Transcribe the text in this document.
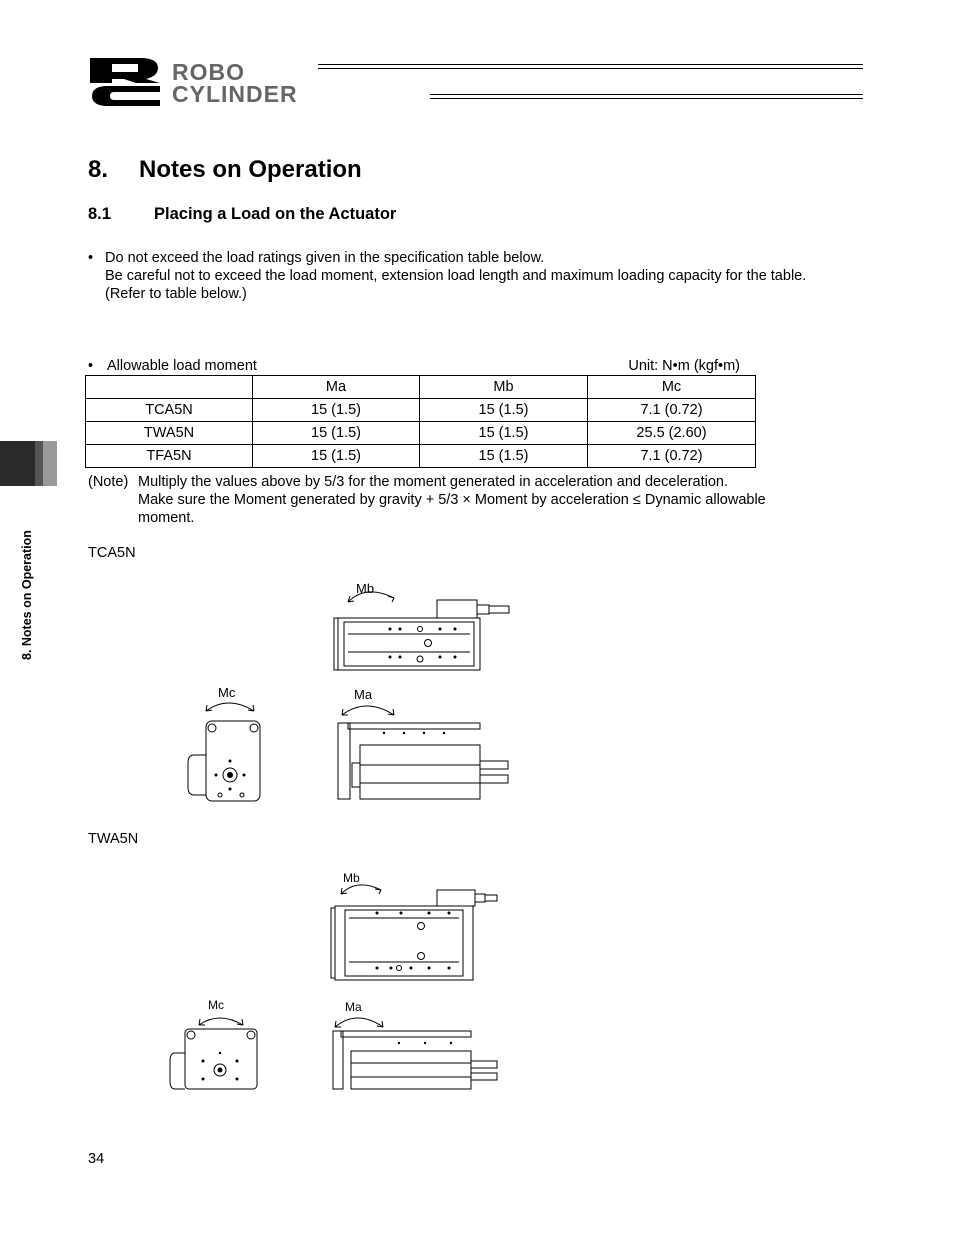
ROBO
CYLINDER
8. Notes on Operation
8.1	Placing a Load on the Actuator
• Do not exceed the load ratings given in the specification table below.
Be careful not to exceed the load moment, extension load length and maximum loading capacity for the table.
(Refer to table below.)
• Allowable load moment	Unit: N•m (kgf•m)
	Ma	Mb	Mc
TCA5N	15 (1.5)	15 (1.5)	7.1 (0.72)
TWA5N	15 (1.5)	15 (1.5)	25.5 (2.60)
TFA5N	15 (1.5)	15 (1.5)	7.1 (0.72)
(Note) Multiply the values above by 5/3 for the moment generated in acceleration and deceleration.
Make sure the Moment generated by gravity + 5/3 × Moment by acceleration ≤ Dynamic allowable
moment.
TCA5N
Mb
Mc	Ma
TWA5N
Mb
Mc	Ma
8. Notes on Operation
34
